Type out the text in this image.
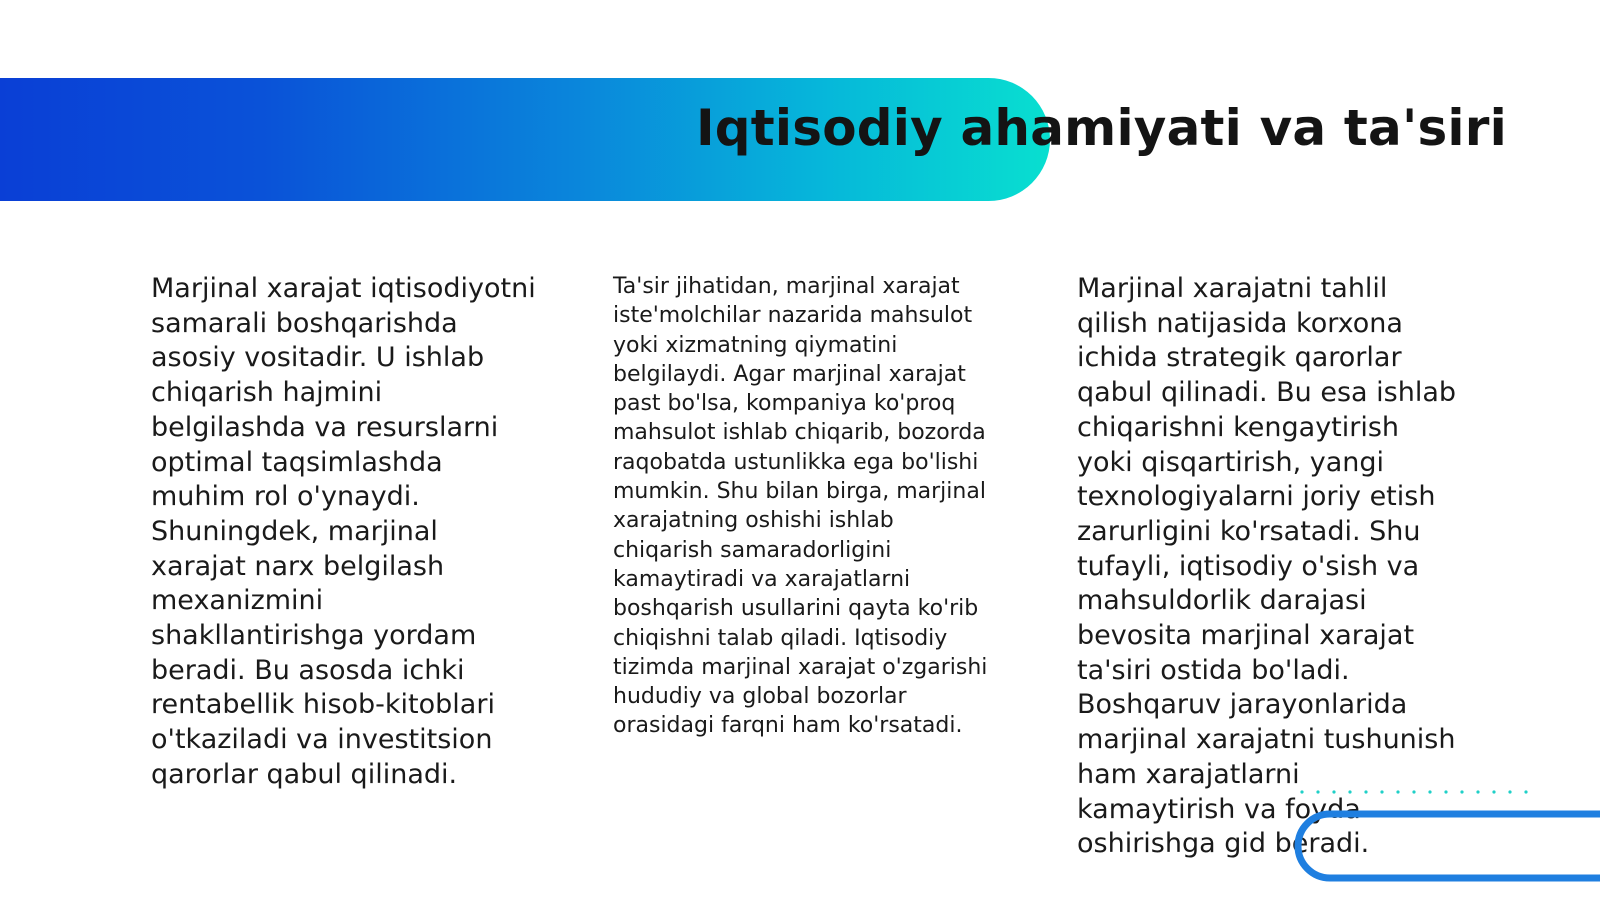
Iqtisodiy ahamiyati va ta'siri

Marjinal xarajat iqtisodiyotni samarali boshqarishda asosiy vositadir. U ishlab chiqarish hajmini belgilashda va resurslarni optimal taqsimlashda muhim rol o'ynaydi. Shuningdek, marjinal xarajat narx belgilash mexanizmini shakllantirishga yordam beradi. Bu asosda ichki rentabellik hisob-kitoblari o'tkaziladi va investitsion qarorlar qabul qilinadi.

Ta'sir jihatidan, marjinal xarajat iste'molchilar nazarida mahsulot yoki xizmatning qiymatini belgilaydi. Agar marjinal xarajat past bo'lsa, kompaniya ko'proq mahsulot ishlab chiqarib, bozorda raqobatda ustunlikka ega bo'lishi mumkin. Shu bilan birga, marjinal xarajatning oshishi ishlab chiqarish samaradorligini kamaytiradi va xarajatlarni boshqarish usullarini qayta ko'rib chiqishni talab qiladi. Iqtisodiy tizimda marjinal xarajat o'zgarishi hududiy va global bozorlar orasidagi farqni ham ko'rsatadi.

Marjinal xarajatni tahlil qilish natijasida korxona ichida strategik qarorlar qabul qilinadi. Bu esa ishlab chiqarishni kengaytirish yoki qisqartirish, yangi texnologiyalarni joriy etish zarurligini ko'rsatadi. Shu tufayli, iqtisodiy o'sish va mahsuldorlik darajasi bevosita marjinal xarajat ta'siri ostida bo'ladi. Boshqaruv jarayonlarida marjinal xarajatni tushunish ham xarajatlarni kamaytirish va foyda oshirishga gid beradi.
